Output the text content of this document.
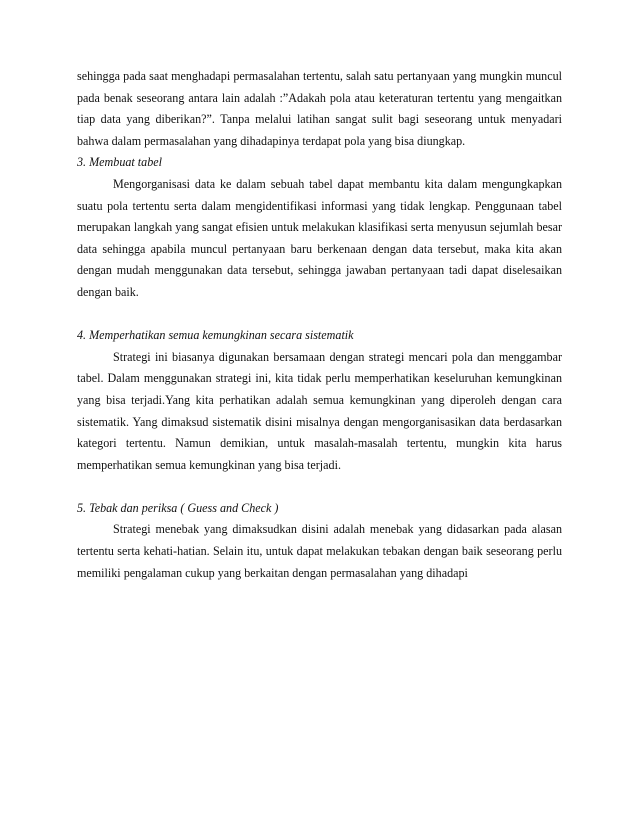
sehingga pada saat menghadapi permasalahan tertentu, salah satu pertanyaan yang mungkin muncul pada benak seseorang antara lain adalah :”Adakah pola atau keteraturan tertentu yang mengaitkan tiap data yang diberikan?”. Tanpa melalui latihan sangat sulit bagi seseorang untuk menyadari bahwa dalam permasalahan yang dihadapinya terdapat pola yang bisa diungkap.

3. Membuat tabel

Mengorganisasi data ke dalam sebuah tabel dapat membantu kita dalam mengungkapkan suatu pola tertentu serta dalam mengidentifikasi informasi yang tidak lengkap. Penggunaan tabel merupakan langkah yang sangat efisien untuk melakukan klasifikasi serta menyusun sejumlah besar data sehingga apabila muncul pertanyaan baru berkenaan dengan data tersebut, maka kita akan dengan mudah menggunakan data tersebut, sehingga jawaban pertanyaan tadi dapat diselesaikan dengan baik.

4. Memperhatikan semua kemungkinan secara sistematik

Strategi ini biasanya digunakan bersamaan dengan strategi mencari pola dan menggambar tabel. Dalam menggunakan strategi ini, kita tidak perlu memperhatikan keseluruhan kemungkinan yang bisa terjadi.Yang kita perhatikan adalah semua kemungkinan yang diperoleh dengan cara sistematik. Yang dimaksud sistematik disini misalnya dengan mengorganisasikan data berdasarkan kategori tertentu. Namun demikian, untuk masalah-masalah tertentu, mungkin kita harus memperhatikan semua kemungkinan yang bisa terjadi.

5. Tebak dan periksa ( Guess and Check )

Strategi menebak yang dimaksudkan disini adalah menebak yang didasarkan pada alasan tertentu serta kehati-hatian. Selain itu, untuk dapat melakukan tebakan dengan baik seseorang perlu memiliki pengalaman cukup yang berkaitan dengan permasalahan yang dihadapi
